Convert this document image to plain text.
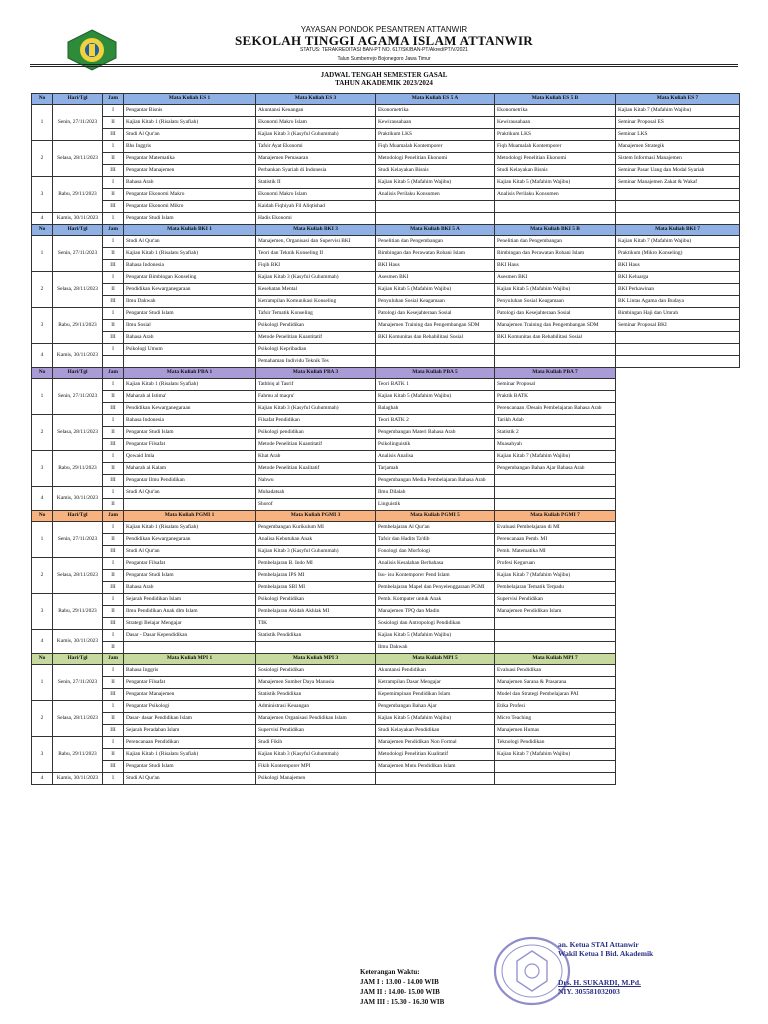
YAYASAN PONDOK PESANTREN ATTANWIR
SEKOLAH TINGGI AGAMA ISLAM ATTANWIR
STATUS: TERAKREDITASI BAN-PT NO. 617/SK/BAN-PT/Akred/PT/V/2021
Talun Sumberrejo Bojonegoro Jawa Timur
JADWAL TENGAH SEMESTER GASAL
TAHUN AKADEMIK 2023/2024
No	Hari/Tgl	Jam	Mata Kuliah ES 1	Mata Kuliah ES 3	Mata Kuliah ES 5 A	Mata Kuliah ES 5 B	Mata Kuliah ES 7
1	Senin, 27/11/2023	I	Pengantar Bisnis	Akuntansi Keuangan	Ekonometrika	Ekonometrika	Kajian Kitab 7 (Mafahim Wajibu)
		II	Kajian Kitab 1 (Risalatu Syafiah)	Ekonomi Makro Islam	Kewirausahaan	Kewirausahaan	Seminar Proposal ES
		III	Studi Al Qur'an	Kajian Kitab 3 (Kasyful Guhummah)	Praktikum LKS	Praktikum LKS	Seminar LKS
2	Selasa, 28/11/2023	I	Bhs Inggris	Tafsir Ayat Ekonomi	Fiqh Muamalah Kontemporer	Fiqh Muamalah Kontemporer	Manajemen Strategik
		II	Pengantar Matematika	Manajemen Pemasaran	Metodologi Penelitian Ekonomi	Metodologi Penelitian Ekonomi	Sistem Informasi Manajemen
		III	Pengantar Manajemen	Perbankan Syariah di Indonesia	Studi Kelayakan Bisnis	Studi Kelayakan Bisnis	Seminar Pasar Uang dan Modal Syariah
3	Rabu, 29/11/2023	I	Bahasa Arab	Statistik II	Kajian Kitab 5 (Mafahim Wajibu)	Kajian Kitab 5 (Mafahim Wajibu)	Seminar Manajemen Zakat & Wakaf
		II	Pengantar Ekonomi Makro	Ekonomi Makro Islam	Analisis Perilaku Konsumen	Analisis Perilaku Konsumen	
		III	Pengantar Ekonomi Mikro	Kaidah Fiqhiyah Fil Aliqtishad			
4	Kamis, 30/11/2023	I	Pengantar Studi Islam	Hadis Ekonomi			
No	Hari/Tgl	Jam	Mata Kuliah BKI 1	Mata Kuliah BKI 3	Mata Kuliah BKI 5 A	Mata Kuliah BKI 5 B	Mata Kuliah BKI 7
1	Senin, 27/11/2023	I	Studi Al Qur'an	Manajemen, Organisasi dan Supervisi BKI	Penelitian dan Pengembangan	Penelitian dan Pengembangan	Kajian Kitab 7 (Mafahim Wajibu)
		II	Kajian Kitab 1 (Risalatu Syafiah)	Teori dan Teknik Konseling II	Bimbingan dan Perawatan Rohani Islam	Bimbingan dan Perawatan Rohani Islam	Praktikum (Mikro Konseling)
		III	Bahasa Indonesia	Fiqih BKI	BKI Haus	BKI Haus	BKI Haus
2	Selasa, 28/11/2023	I	Pengantar Bimbingan Konseling	Kajian Kitab 3 (Kasyful Guhummah)	Asesmen BKI	Asesmen BKI	BKI Keluarga
		II	Pendidikan Kewarganegaraan	Kesehatan Mental	Kajian Kitab 5 (Mafahim Wajibu)	Kajian Kitab 5 (Mafahim Wajibu)	BKI Perkawinan
		III	Ilmu Dakwah	Ketrampilan Komunikasi Konseling	Penyuluhan Sosial Keagamaan	Penyuluhan Sosial Keagamaan	BK Lintas Agama dan Budaya
3	Rabu, 29/11/2023	I	Pengantar Studi Islam	Tafsir Tematik Konseling	Patologi dan Kesejahteraan Sosial	Patologi dan Kesejahteraan Sosial	Bimbingan Haji dan Umrah
		II	Ilmu Sosial	Psikologi Pendidikan	Manajemen Training dan Pengembangan SDM	Manajemen Training dan Pengembangan SDM	Seminar Proposal BKI
		III	Bahasa Arab	Metode Penelitian Kuantitatif	BKI Komunitas dan Rehabilitasi Sosial	BKI Komunitas dan Rehabilitasi Sosial	
4	Kamis, 30/11/2023	I	Psikologi Umum	Psikologi Kepribadian			
				Pemahaman Individu Teknik Tes			
No	Hari/Tgl	Jam	Mata Kuliah PBA 1	Mata Kuliah PBA 3	Mata Kuliah PBA 5	Mata Kuliah PBA 7	
1	Senin, 27/11/2023	I	Kajian Kitab 1 (Risalatu Syafiah)	Tathbiq al Tasrif	Teori BATK 1	Seminar Proposal	
		II	Maharah al Istima'	Fahmu al maqru'	Kajian Kitab 5 (Mafahim Wajibu)	Praktik BATK	
		III	Pendidikan Kewarganegaraan	Kajian Kitab 3 (Kasyful Guhummah)	Balaghah	Perencanaan /Desain Pembelajaran Bahasa Arab	
2	Selasa, 28/11/2023	I	Bahasa Indonesia	Filsafat Pendidikan	Teori BATK 2	Tarikh Adab	
		II	Pengantar Studi Islam	Psikologi pendidikan	Pengembangan Materi Bahasa Arab	Statistik 2	
		III	Pengantar Filsafat	Metode Penelitian Kuantitatif	Psikolinguistik	Muasahyah	
3	Rabu, 29/11/2023	I	Qowaid Imla	Khat Arab	Analisis Analisa	Kajian Kitab 7 (Mafahim Wajibu)	
		II	Maharah al Kalam	Metode Penelitian Kualitatif	Tarjamah	Pengembangan Bahan Ajar Bahasa Arab	
		III	Pengantar Ilmu Pendidikan	Nahwu	Pengembangan Media Pembelajaran Bahasa Arab		
4	Kamis, 30/11/2023	I	Studi Al Qur'an	Muhadatsah	Ilmu Dilalah		
		II		Shorof	Linguistik		
No	Hari/Tgl	Jam	Mata Kuliah PGMI 1	Mata Kuliah PGMI 3	Mata Kuliah PGMI 5	Mata Kuliah PGMI 7	
1	Senin, 27/11/2023	I	Kajian Kitab 1 (Risalatu Syafiah)	Pengembangan Kurikulum MI	Pembelajaran Al Qur'an	Evaluasi Pembelajaran di MI	
		II	Pendidikan Kewarganegaraan	Analisa Kebutuhan Anak	Tafsir dan Hadits Ta'dib	Perencanaan Pemb. MI	
		III	Studi Al Qur'an	Kajian Kitab 3 (Kasyful Guhummah)	Fonologi dan Morfologi	Pemb. Matematika MI	
2	Selasa, 28/11/2023	I	Pengantar Filsafat	Pembelajaran B. Indo MI	Analisis Kesalahan Berbahasa	Profesi Keguruan	
		II	Pengantar Studi Islam	Pembelajaran IPS MI	Isu- isu Kontemporer Pend Islam	Kajian Kitab 7 (Mafahim Wajibu)	
		III	Bahasa Arab	Pembelajaran SBI MI	Pembelajaran Mapel dan Penyelenggaraan PGMI	Pembelajaran Tematik Terpadu	
3	Rabu, 29/11/2023	I	Sejarah Pendidikan Islam	Psikologi Pendidikan	Pemb. Komputer untuk Anak	Supervisi Pendidikan	
		II	Ilmu Pendidikan Anak dlm Islam	Pembelajaran Akidah Akhlak MI	Manajemen TPQ dan Madin	Manajemen Pendidikan Islam	
		III	Strategi Belajar Mengajar	TIK	Sosiologi dan Antropologi Pendidikan		
4	Kamis, 30/11/2023	I	Dasar - Dasar Kependidikan	Statistik Pendidikan	Kajian Kitab 5 (Mafahim Wajibu)		
		II			Ilmu Dakwah		
No	Hari/Tgl	Jam	Mata Kuliah MPI 1	Mata Kuliah MPI 3	Mata Kuliah MPI 5	Mata Kuliah MPI 7	
1	Senin, 27/11/2023	I	Bahasa Inggris	Sosiologi Pendidikan	Akuntansi Pendidikan	Evaluasi Pendidikan	
		II	Pengantar Filsafat	Manajemen Sumber Daya Manusia	Ketrampilan Dasar Mengajar	Manajemen Sarana & Prasarana	
		III	Pengantar Manajemen	Statistik Pendidikan	Kepemimpinan Pendidikan Islam	Model dan Strategi Pembelajaran PAI	
2	Selasa, 28/11/2023	I	Pengantar Psikologi	Administrasi Keuangan	Pengembangan Bahan Ajar	Etika Profesi	
		II	Dasar- dasar Pendidikan Islam	Manajemen Organisasi Pendidikan Islam	Kajian Kitab 5 (Mafahim Wajibu)	Micro Teaching	
		III	Sejarah Peradaban Islam	Supervisi Pendidikan	Studi Kelayakan Pendidikan	Manajemen Humas	
3	Rabu, 29/11/2023	I	Perencanaan Pendidikan	Studi Fikih	Manajemen Pendidikan Non Formal	Teknologi Pendidikan	
		II	Kajian Kitab 1 (Risalatu Syafiah)	Kajian Kitab 3 (Kasyful Guhummah)	Metodologi Penelitian Kualitatif	Kajian Kitab 7 (Mafahim Wajibu)	
		III	Pengantar Studi Islam	Fikih Kontemporer MPI	Manajemen Mutu Pendidikan Islam		
4	Kamis, 30/11/2023	I	Studi Al Qur'an	Psikologi Manajemen			
Keterangan Waktu:
JAM I : 13.00 - 14.00 WIB
JAM II : 14.00- 15.00 WIB
JAM III : 15.30 - 16.30 WIB
an. Ketua STAI Attanwir
Wakil Ketua I Bid. Akademik
Drs. H. SUKARDI, M.Pd.
NIY. 305581032003
